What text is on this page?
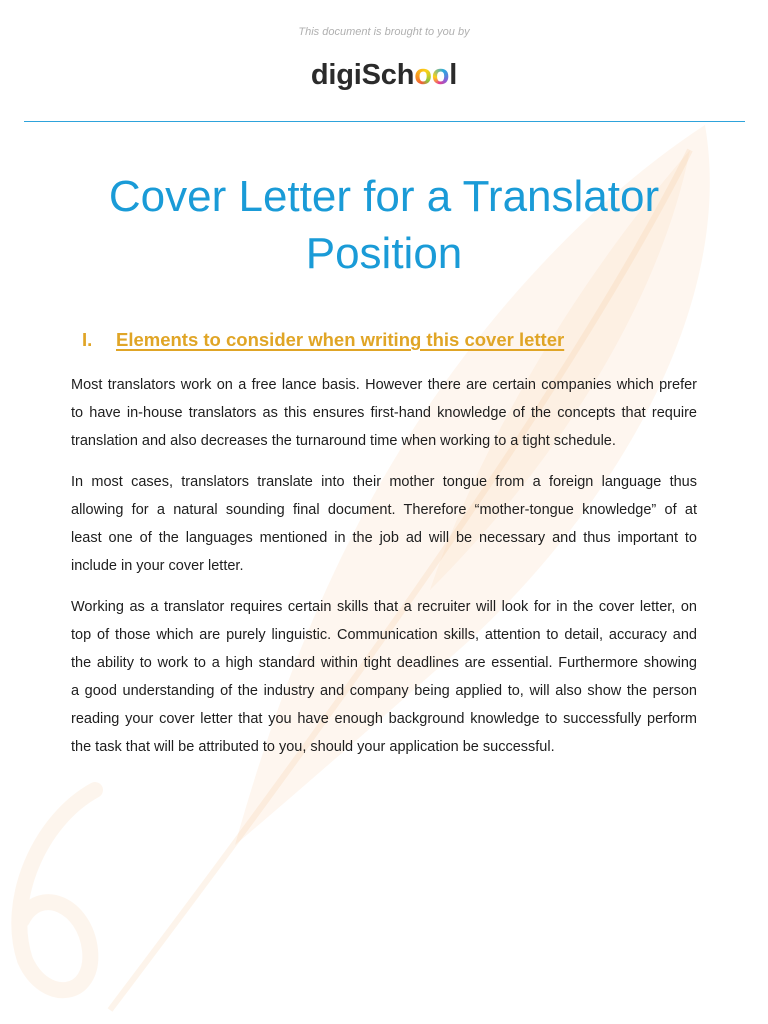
This document is brought to you by
digiSchool
Cover Letter for a Translator Position
I.	Elements to consider when writing this cover letter

Most translators work on a free lance basis. However there are certain companies which prefer
to have in-house translators as this ensures first-hand knowledge of the concepts that require
translation and also decreases the turnaround time when working to a tight schedule.

In most cases, translators translate into their mother tongue from a foreign language thus
allowing for a natural sounding final document. Therefore “mother-tongue knowledge” of at
least one of the languages mentioned in the job ad will be necessary and thus important to
include in your cover letter.

Working as a translator requires certain skills that a recruiter will look for in the cover letter, on
top of those which are purely linguistic. Communication skills, attention to detail, accuracy and
the ability to work to a high standard within tight deadlines are essential. Furthermore showing
a good understanding of the industry and company being applied to, will also show the person
reading your cover letter that you have enough background knowledge to successfully perform
the task that will be attributed to you, should your application be successful.
